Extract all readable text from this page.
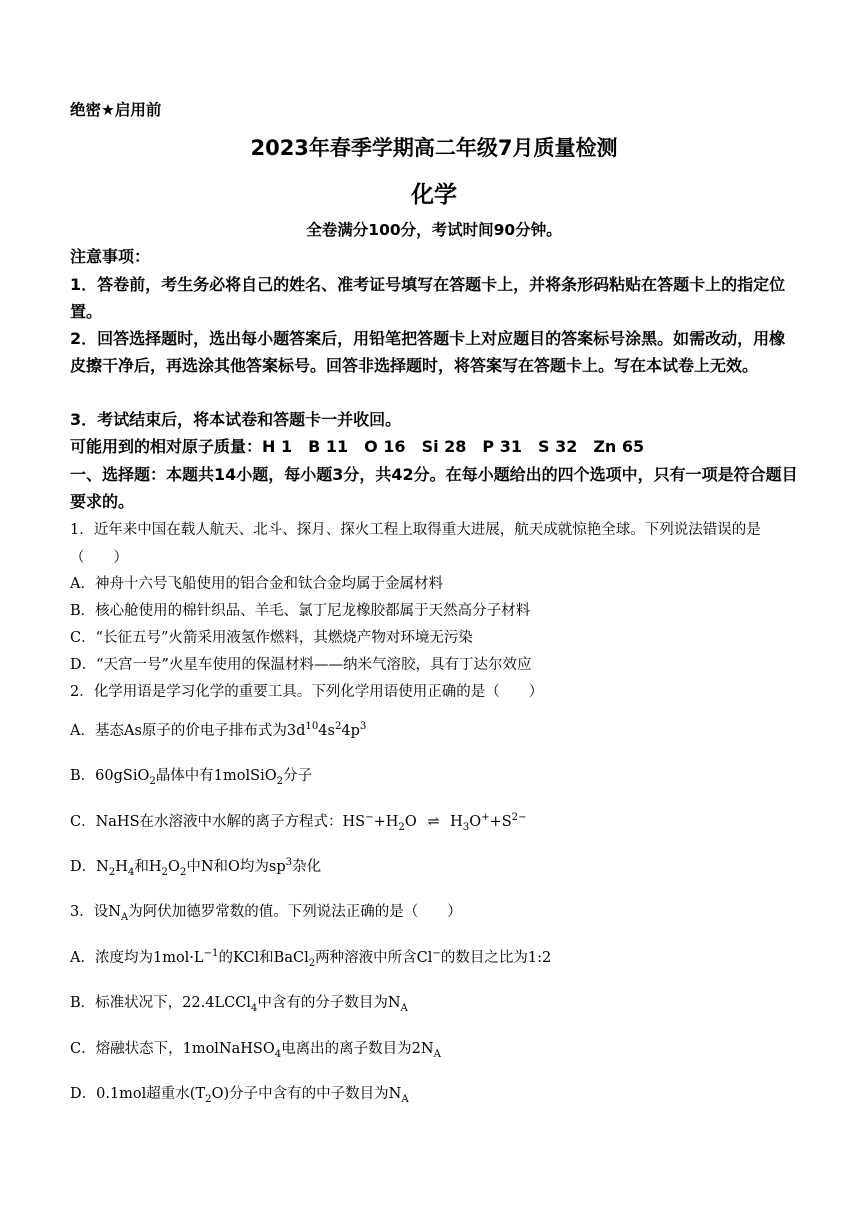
绝密★启用前
2023年春季学期高二年级7月质量检测
化学
全卷满分100分，考试时间90分钟。
注意事项：
1．答卷前，考生务必将自己的姓名、准考证号填写在答题卡上，并将条形码粘贴在答题卡上的指定位置。
2．回答选择题时，选出每小题答案后，用铅笔把答题卡上对应题目的答案标号涂黑。如需改动，用橡皮擦干净后，再选涂其他答案标号。回答非选择题时，将答案写在答题卡上。写在本试卷上无效。
3．考试结束后，将本试卷和答题卡一并收回。
可能用到的相对原子质量：H 1　B 11　O 16　Si 28　P 31　S 32　Zn 65
一、选择题：本题共14小题，每小题3分，共42分。在每小题给出的四个选项中，只有一项是符合题目要求的。
1．近年来中国在载人航天、北斗、探月、探火工程上取得重大进展，航天成就惊艳全球。下列说法错误的是（　　）
A．神舟十六号飞船使用的铝合金和钛合金均属于金属材料
B．核心舱使用的棉针织品、羊毛、氯丁尼龙橡胶都属于天然高分子材料
C．“长征五号”火箭采用液氢作燃料，其燃烧产物对环境无污染
D．“天宫一号”火星车使用的保温材料——纳米气溶胶，具有丁达尔效应
2．化学用语是学习化学的重要工具。下列化学用语使用正确的是（　　）
A．基态As原子的价电子排布式为$3d^{10}4s^24p^3$
B．60gSiO$_2$晶体中有1molSiO$_2$分子
C．NaHS在水溶液中水解的离子方程式：$HS^-+H_2O$ ⇌ $H_3O^++S^{2-}$
D．$N_2H_4$和$H_2O_2$中N和O均为$sp^3$杂化
3．设$N_A$为阿伏加德罗常数的值。下列说法正确的是（　　）
A．浓度均为$1mol\cdot L^{-1}$的KCl和BaCl$_2$两种溶液中所含Cl−的数目之比为1:2
B．标准状况下，22.4LCCl$_4$中含有的分子数目为$N_A$
C．熔融状态下，1molNaHSO$_4$电离出的离子数目为$2N_A$
D．0.1mol超重水$(T_2O)$分子中含有的中子数目为$N_A$
